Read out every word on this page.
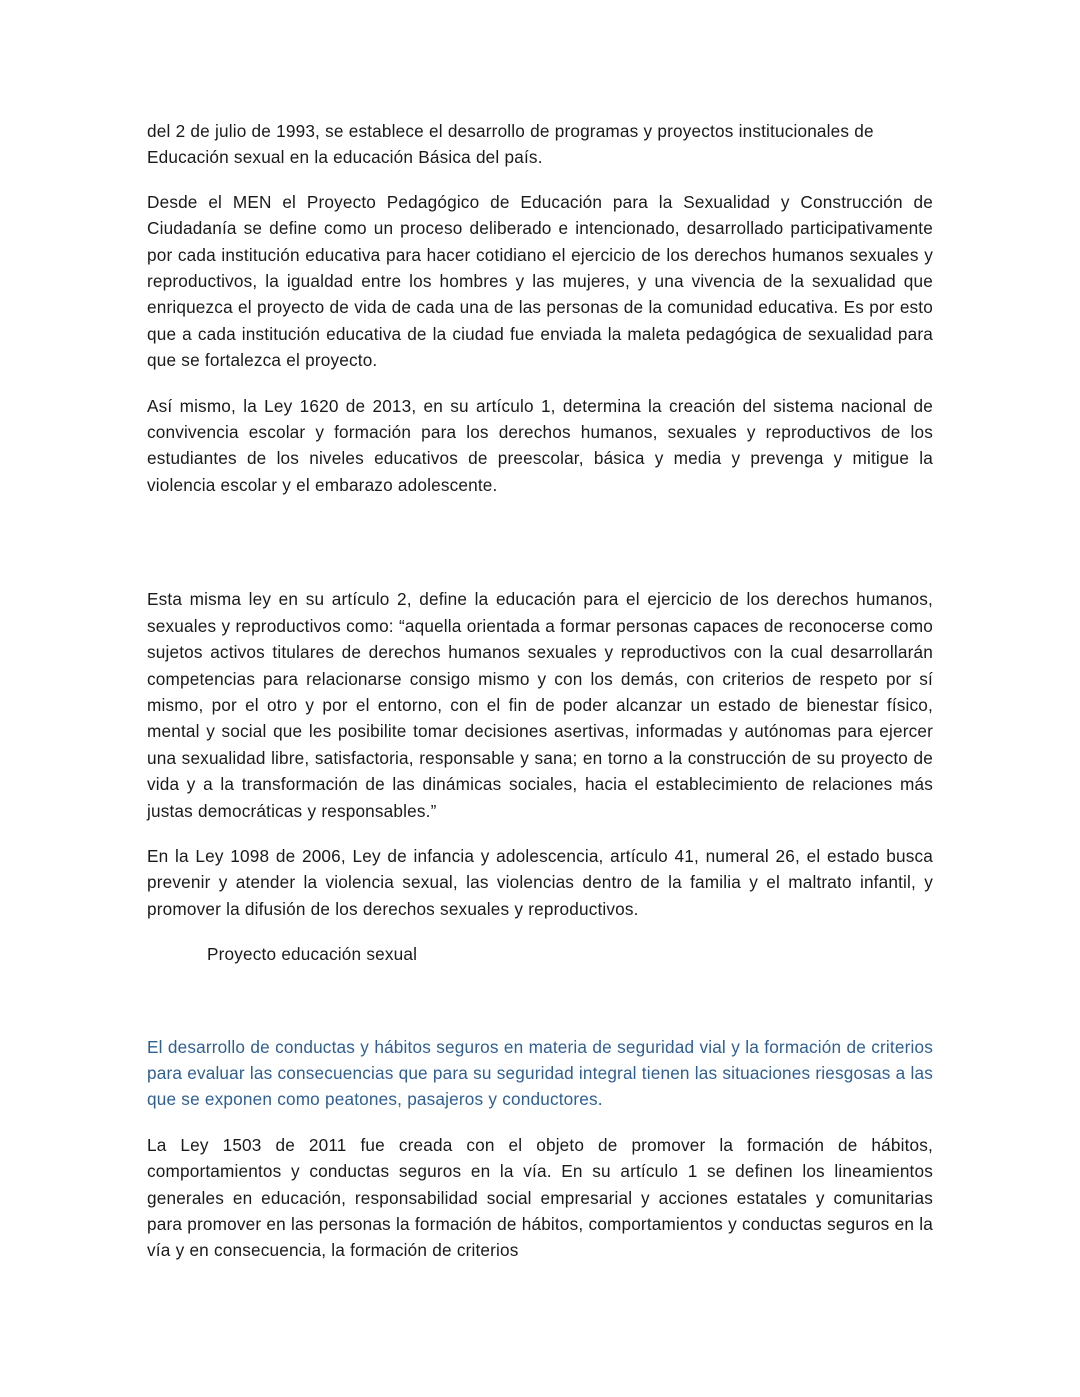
del 2 de julio de 1993, se establece el desarrollo de programas y proyectos institucionales de Educación sexual en la educación Básica del país.

Desde el MEN el Proyecto Pedagógico de Educación para la Sexualidad y Construcción de Ciudadanía se define como un proceso deliberado e intencionado, desarrollado participativamente por cada institución educativa para hacer cotidiano el ejercicio de los derechos humanos sexuales y reproductivos, la igualdad entre los hombres y las mujeres, y una vivencia de la sexualidad que enriquezca el proyecto de vida de cada una de las personas de la comunidad educativa. Es por esto que a cada institución educativa de la ciudad fue enviada la maleta pedagógica de sexualidad para que se fortalezca el proyecto.

Así mismo, la Ley 1620 de 2013, en su artículo 1, determina la creación del sistema nacional de convivencia escolar y formación para los derechos humanos, sexuales y reproductivos de los estudiantes de los niveles educativos de preescolar, básica y media y prevenga y mitigue la violencia escolar y el embarazo adolescente.

Esta misma ley en su artículo 2, define la educación para el ejercicio de los derechos humanos, sexuales y reproductivos como: “aquella orientada a formar personas capaces de reconocerse como sujetos activos titulares de derechos humanos sexuales y reproductivos con la cual desarrollarán competencias para relacionarse consigo mismo y con los demás, con criterios de respeto por sí mismo, por el otro y por el entorno, con el fin de poder alcanzar un estado de bienestar físico, mental y social que les posibilite tomar decisiones asertivas, informadas y autónomas para ejercer una sexualidad libre, satisfactoria, responsable y sana; en torno a la construcción de su proyecto de vida y a la transformación de las dinámicas sociales, hacia el establecimiento de relaciones más justas democráticas y responsables.”

En la Ley 1098 de 2006, Ley de infancia y adolescencia, artículo 41, numeral 26, el estado busca prevenir y atender la violencia sexual, las violencias dentro de la familia y el maltrato infantil, y promover la difusión de los derechos sexuales y reproductivos.

Proyecto educación sexual

El desarrollo de conductas y hábitos seguros en materia de seguridad vial y la formación de criterios para evaluar las consecuencias que para su seguridad integral tienen las situaciones riesgosas a las que se exponen como peatones, pasajeros y conductores.

La Ley 1503 de 2011 fue creada con el objeto de promover la formación de hábitos, comportamientos y conductas seguros en la vía. En su artículo 1 se definen los lineamientos generales en educación, responsabilidad social empresarial y acciones estatales y comunitarias para promover en las personas la formación de hábitos, comportamientos y conductas seguros en la vía y en consecuencia, la formación de criterios
